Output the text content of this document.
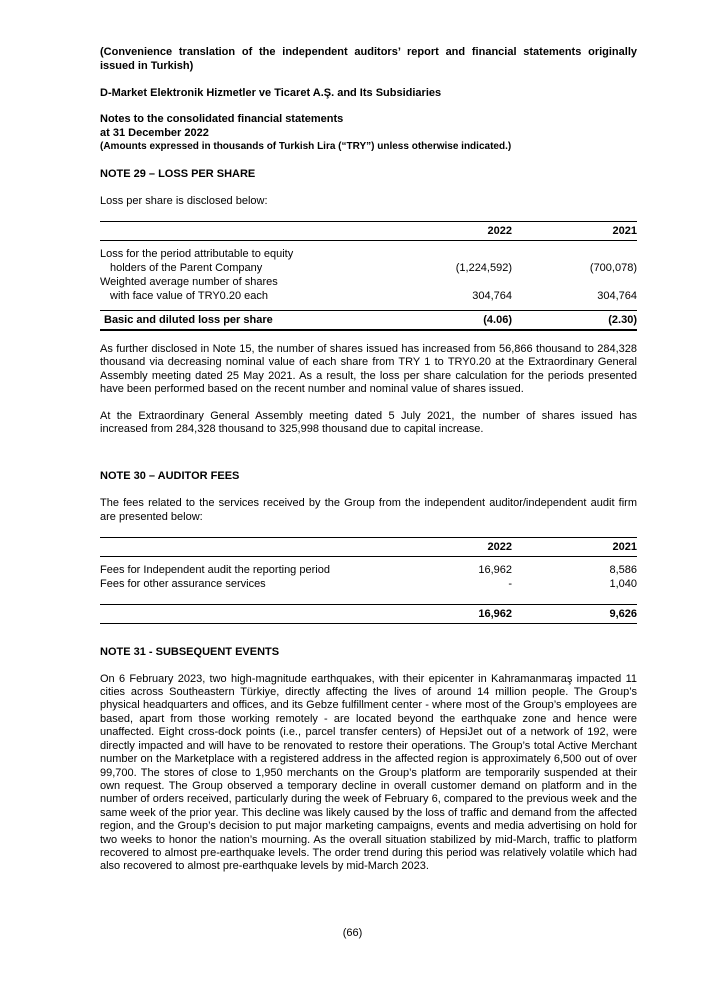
(Convenience translation of the independent auditors’ report and financial statements originally issued in Turkish)
D-Market Elektronik Hizmetler ve Ticaret A.Ş. and Its Subsidiaries
Notes to the consolidated financial statements
at 31 December 2022
(Amounts expressed in thousands of Turkish Lira (“TRY”) unless otherwise indicated.)
NOTE 29 – LOSS PER SHARE

Loss per share is disclosed below:

	2022	2021
Loss for the period attributable to equity		
holders of the Parent Company	(1,224,592)	(700,078)
Weighted average number of shares		
with face value of TRY0.20 each	304,764	304,764
Basic and diluted loss per share	(4.06)	(2.30)

As further disclosed in Note 15, the number of shares issued has increased from 56,866 thousand to 284,328 thousand via decreasing nominal value of each share from TRY 1 to TRY0.20 at the Extraordinary General Assembly meeting dated 25 May 2021. As a result, the loss per share calculation for the periods presented have been performed based on the recent number and nominal value of shares issued.

At the Extraordinary General Assembly meeting dated 5 July 2021, the number of shares issued has increased from 284,328 thousand to 325,998 thousand due to capital increase.

NOTE 30 – AUDITOR FEES

The fees related to the services received by the Group from the independent auditor/independent audit firm are presented below:

	2022	2021
Fees for Independent audit the reporting period	16,962	8,586
Fees for other assurance services	-	1,040

	16,962	9,626
NOTE 31 - SUBSEQUENT EVENTS

On 6 February 2023, two high-magnitude earthquakes, with their epicenter in Kahramanmaraş impacted 11 cities across Southeastern Türkiye, directly affecting the lives of around 14 million people. The Group’s physical headquarters and offices, and its Gebze fulfillment center - where most of the Group’s employees are based, apart from those working remotely - are located beyond the earthquake zone and hence were unaffected. Eight cross-dock points (i.e., parcel transfer centers) of HepsiJet out of a network of 192, were directly impacted and will have to be renovated to restore their operations. The Group’s total Active Merchant number on the Marketplace with a registered address in the affected region is approximately 6,500 out of over 99,700. The stores of close to 1,950 merchants on the Group’s platform are temporarily suspended at their own request. The Group observed a temporary decline in overall customer demand on platform and in the number of orders received, particularly during the week of February 6, compared to the previous week and the same week of the prior year. This decline was likely caused by the loss of traffic and demand from the affected region, and the Group’s decision to put major marketing campaigns, events and media advertising on hold for two weeks to honor the nation’s mourning. As the overall situation stabilized by mid-March, traffic to platform recovered to almost pre-earthquake levels. The order trend during this period was relatively volatile which had also recovered to almost pre-earthquake levels by mid-March 2023.

(66)
